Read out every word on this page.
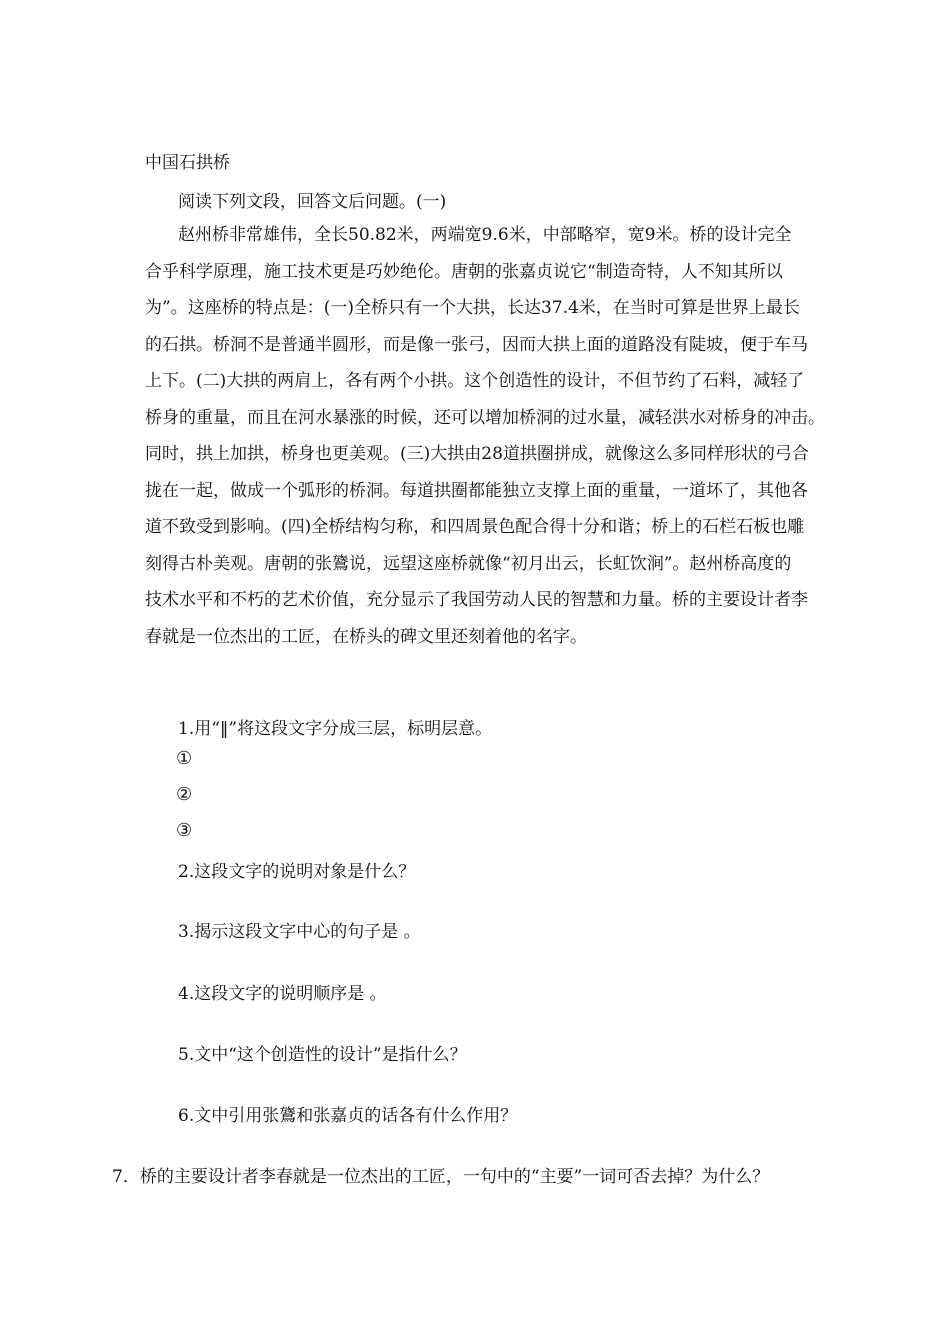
中国石拱桥
阅读下列文段，回答文后问题。(一)
赵州桥非常雄伟，全长50.82米，两端宽9.6米，中部略窄，宽9米。桥的设计完全
合乎科学原理，施工技术更是巧妙绝伦。唐朝的张嘉贞说它“制造奇特，人不知其所以
为”。这座桥的特点是：(一)全桥只有一个大拱，长达37.4米，在当时可算是世界上最长
的石拱。桥洞不是普通半圆形，而是像一张弓，因而大拱上面的道路没有陡坡，便于车马
上下。(二)大拱的两肩上，各有两个小拱。这个创造性的设计，不但节约了石料，减轻了
桥身的重量，而且在河水暴涨的时候，还可以增加桥洞的过水量，减轻洪水对桥身的冲击。
同时，拱上加拱，桥身也更美观。(三)大拱由28道拱圈拼成，就像这么多同样形状的弓合
拢在一起，做成一个弧形的桥洞。每道拱圈都能独立支撑上面的重量，一道坏了，其他各
道不致受到影响。(四)全桥结构匀称，和四周景色配合得十分和谐；桥上的石栏石板也雕
刻得古朴美观。唐朝的张鷟说，远望这座桥就像“初月出云，长虹饮涧”。赵州桥高度的
技术水平和不朽的艺术价值，充分显示了我国劳动人民的智慧和力量。桥的主要设计者李
春就是一位杰出的工匠，在桥头的碑文里还刻着他的名字。
1.用“‖”将这段文字分成三层，标明层意。
①
②
③
2.这段文字的说明对象是什么？
3.揭示这段文字中心的句子是 。
4.这段文字的说明顺序是 。
5.文中“这个创造性的设计”是指什么？
6.文中引用张鷟和张嘉贞的话各有什么作用？
7．桥的主要设计者李春就是一位杰出的工匠，一句中的“主要”一词可否去掉？为什么？
